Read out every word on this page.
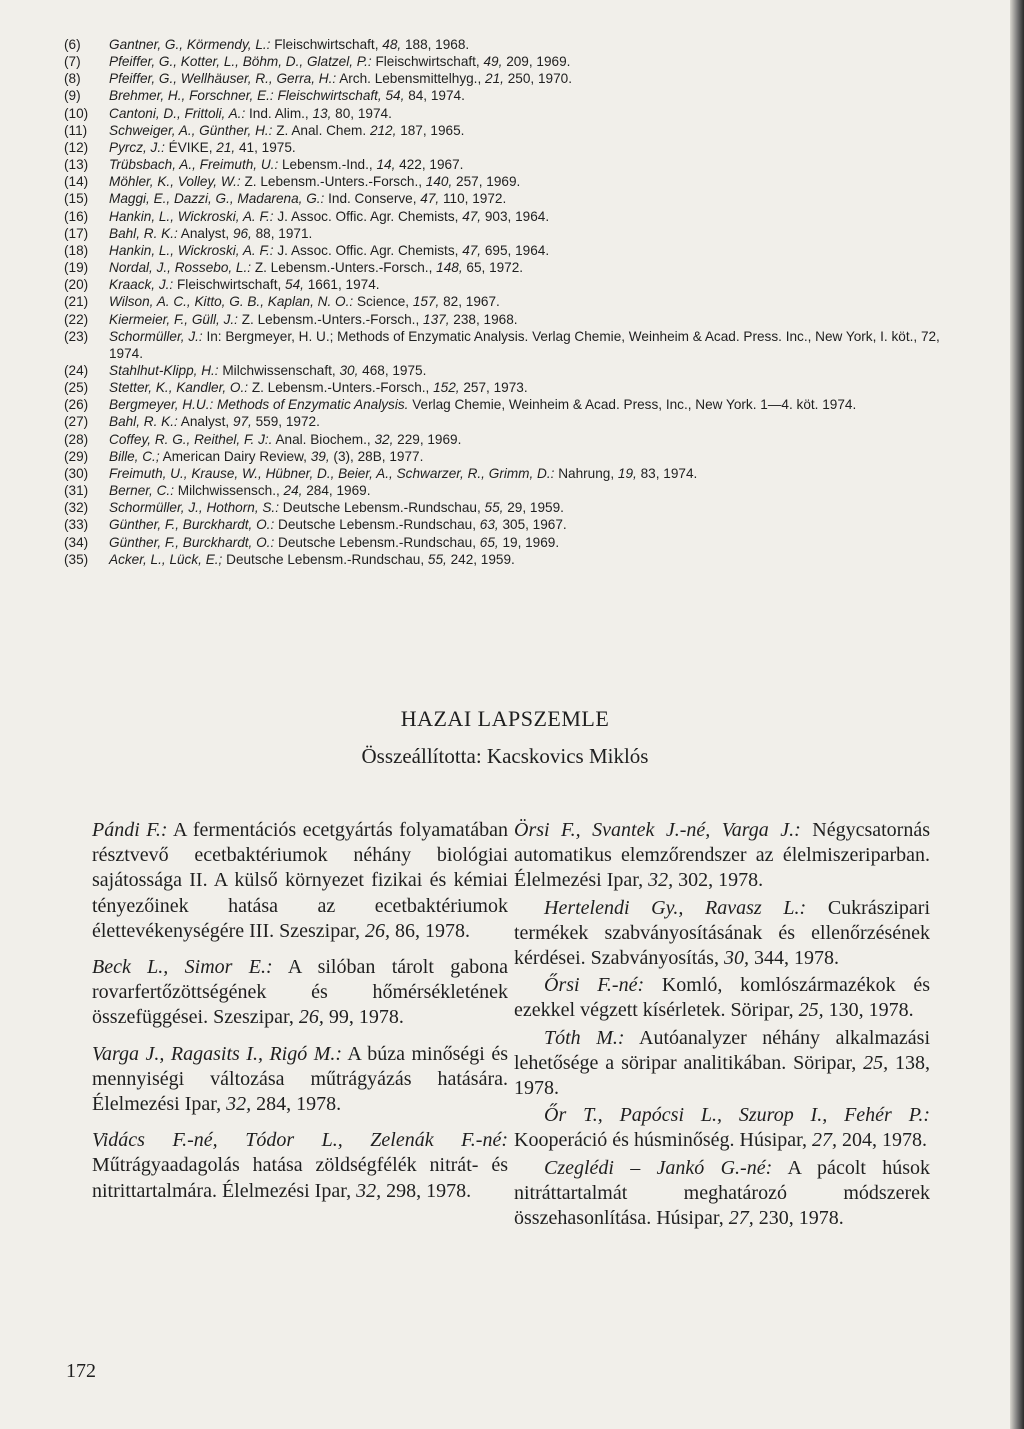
(6)	Gantner, G., Körmendy, L.: Fleischwirtschaft, 48, 188, 1968.
(7)	Pfeiffer, G., Kotter, L., Böhm, D., Glatzel, P.: Fleischwirtschaft, 49, 209, 1969.
(8)	Pfeiffer, G., Wellhäuser, R., Gerra, H.: Arch. Lebensmittelhyg., 21, 250, 1970.
(9)	Brehmer, H., Forschner, E.: Fleischwirtschaft, 54, 84, 1974.
(10)	Cantoni, D., Frittoli, A.: Ind. Alim., 13, 80, 1974.
(11)	Schweiger, A., Günther, H.: Z. Anal. Chem. 212, 187, 1965.
(12)	Pyrcz, J.: ÉVIKE, 21, 41, 1975.
(13)	Trübsbach, A., Freimuth, U.: Lebensm.-Ind., 14, 422, 1967.
(14)	Möhler, K., Volley, W.: Z. Lebensm.-Unters.-Forsch., 140, 257, 1969.
(15)	Maggi, E., Dazzi, G., Madarena, G.: Ind. Conserve, 47, 110, 1972.
(16)	Hankin, L., Wickroski, A. F.: J. Assoc. Offic. Agr. Chemists, 47, 903, 1964.
(17)	Bahl, R. K.: Analyst, 96, 88, 1971.
(18)	Hankin, L., Wickroski, A. F.: J. Assoc. Offic. Agr. Chemists, 47, 695, 1964.
(19)	Nordal, J., Rossebo, L.: Z. Lebensm.-Unters.-Forsch., 148, 65, 1972.
(20)	Kraack, J.: Fleischwirtschaft, 54, 1661, 1974.
(21)	Wilson, A. C., Kitto, G. B., Kaplan, N. O.: Science, 157, 82, 1967.
(22)	Kiermeier, F., Güll, J.: Z. Lebensm.-Unters.-Forsch., 137, 238, 1968.
(23)	Schormüller, J.: In: Bergmeyer, H. U.; Methods of Enzymatic Analysis. Verlag Chemie, Weinheim & Acad. Press. Inc., New York, I. köt., 72, 1974.
(24)	Stahlhut-Klipp, H.: Milchwissenschaft, 30, 468, 1975.
(25)	Stetter, K., Kandler, O.: Z. Lebensm.-Unters.-Forsch., 152, 257, 1973.
(26)	Bergmeyer, H.U.: Methods of Enzymatic Analysis. Verlag Chemie, Weinheim & Acad. Press, Inc., New York. 1—4. köt. 1974.
(27)	Bahl, R. K.: Analyst, 97, 559, 1972.
(28)	Coffey, R. G., Reithel, F. J:. Anal. Biochem., 32, 229, 1969.
(29)	Bille, C.; American Dairy Review, 39, (3), 28B, 1977.
(30)	Freimuth, U., Krause, W., Hübner, D., Beier, A., Schwarzer, R., Grimm, D.: Nahrung, 19, 83, 1974.
(31)	Berner, C.: Milchwissensch., 24, 284, 1969.
(32)	Schormüller, J., Hothorn, S.: Deutsche Lebensm.-Rundschau, 55, 29, 1959.
(33)	Günther, F., Burckhardt, O.: Deutsche Lebensm.-Rundschau, 63, 305, 1967.
(34)	Günther, F., Burckhardt, O.: Deutsche Lebensm.-Rundschau, 65, 19, 1969.
(35)	Acker, L., Lück, E.; Deutsche Lebensm.-Rundschau, 55, 242, 1959.
HAZAI LAPSZEMLE
Összeállította: Kacskovics Miklós

Pándi F.: A fermentációs ecetgyártás folyamatában résztvevő ecetbaktériumok néhány biológiai sajátossága II. A külső környezet fizikai és kémiai tényezőinek hatása az ecetbaktériumok élettevékenységére III. Szeszipar, 26, 86, 1978.

Beck L., Simor E.: A silóban tárolt gabona rovarfertőzöttségének és hőmérsékletének összefüggései. Szeszipar, 26, 99, 1978.

Varga J., Ragasits I., Rigó M.: A búza minőségi és mennyiségi változása műtrágyázás hatására. Élelmezési Ipar, 32, 284, 1978.

Vidács F.-né, Tódor L., Zelenák F.-né: Műtrágyaadagolás hatása zöldségfélék nitrát- és nitrittartalmára. Élelmezési Ipar, 32, 298, 1978.

Örsi F., Svantek J.-né, Varga J.: Négycsatornás automatikus elemzőrendszer az élelmiszeriparban. Élelmezési Ipar, 32, 302, 1978.

Hertelendi Gy., Ravasz L.: Cukrászipari termékek szabványosításának és ellenőrzésének kérdései. Szabványosítás, 30, 344, 1978.

Őrsi F.-né: Komló, komlószármazékok és ezekkel végzett kísérletek. Söripar, 25, 130, 1978.

Tóth M.: Autóanalyzer néhány alkalmazási lehetősége a söripar analitikában. Söripar, 25, 138, 1978.

Őr T., Papócsi L., Szurop I., Fehér P.: Kooperáció és húsminőség. Húsipar, 27, 204, 1978.

Czeglédi – Jankó G.-né: A pácolt húsok nitráttartalmát meghatározó módszerek összehasonlítása. Húsipar, 27, 230, 1978.

172
